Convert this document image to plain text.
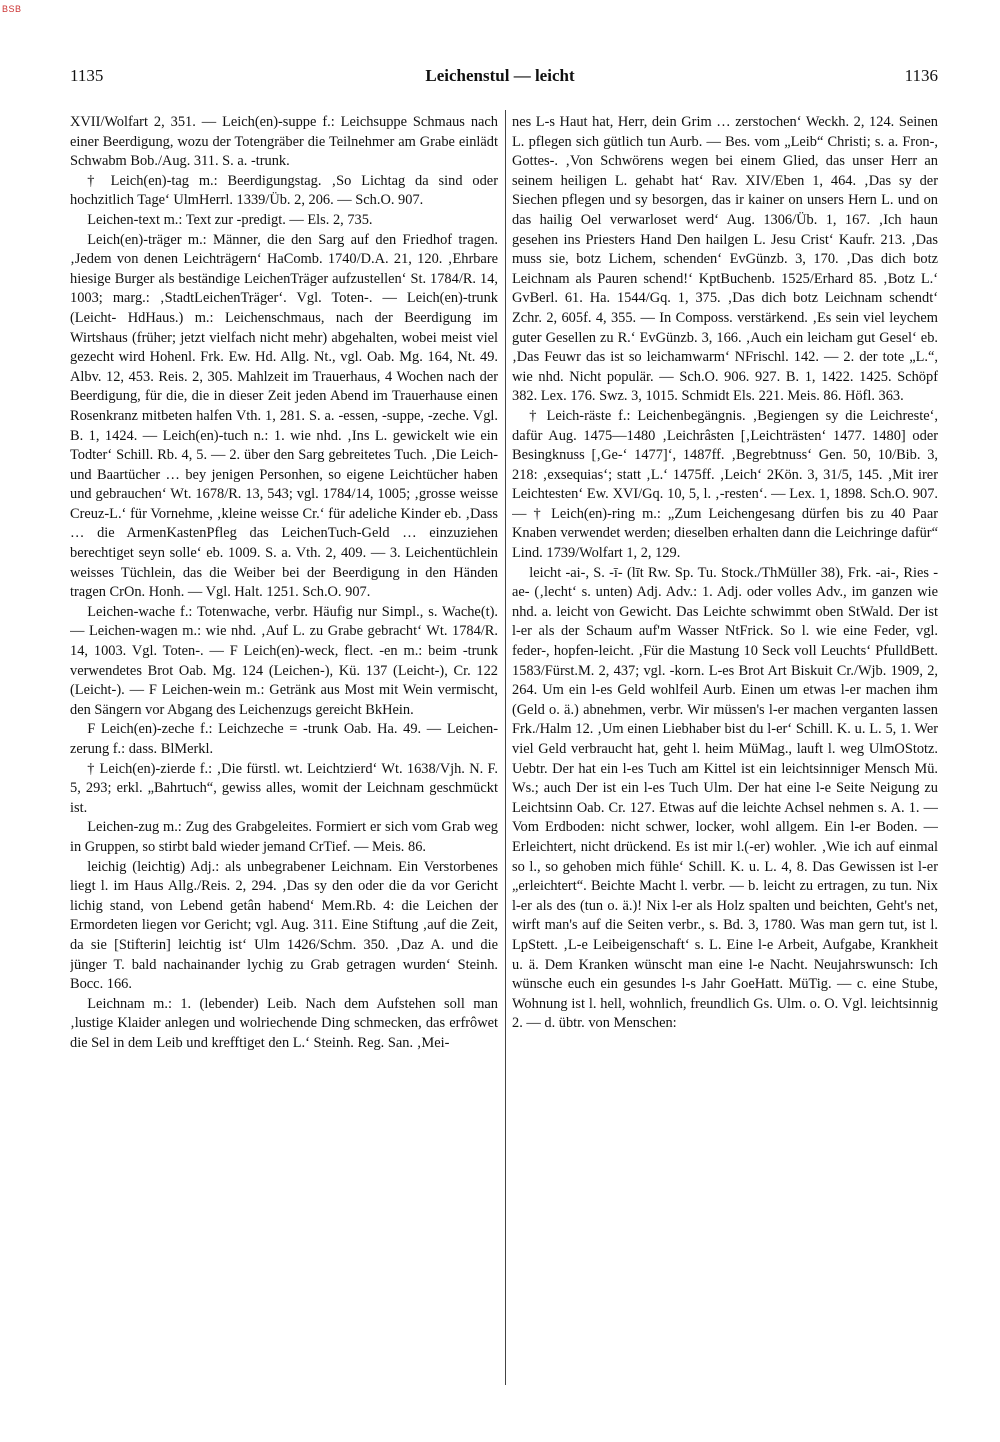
BSB
1135	Leichenstul — leicht	1136

XVII/Wolfart 2, 351. — Leich(en)-suppe f.: Leichsuppe Schmaus nach einer Beerdigung, wozu der Totengräber die Teilnehmer am Grabe einlädt Schwabm Bob./Aug. 311. S. a. -trunk.

† Leich(en)-tag m.: Beerdigungstag. ‚So Lichtag da sind oder hochzitlich Tage‘ UlmHerrl. 1339/Üb. 2, 206. — Sch.O. 907.

Leichen-text m.: Text zur -predigt. — Els. 2, 735.

Leich(en)-träger m.: Männer, die den Sarg auf den Friedhof tragen. ‚Jedem von denen Leichträgern‘ HaComb. 1740/D.A. 21, 120. ‚Ehrbare hiesige Burger als beständige LeichenTräger aufzustellen‘ St. 1784/R. 14, 1003; marg.: ‚StadtLeichenTräger‘. Vgl. Toten-. — Leich(en)-trunk (Leicht- HdHaus.) m.: Leichenschmaus, nach der Beerdigung im Wirtshaus (früher; jetzt vielfach nicht mehr) abgehalten, wobei meist viel gezecht wird Hohenl. Frk. Ew. Hd. Allg. Nt., vgl. Oab. Mg. 164, Nt. 49. Albv. 12, 453. Reis. 2, 305. Mahlzeit im Trauerhaus, 4 Wochen nach der Beerdigung, für die, die in dieser Zeit jeden Abend im Trauerhause einen Rosenkranz mitbeten halfen Vth. 1, 281. S. a. -essen, -suppe, -zeche. Vgl. B. 1, 1424. — Leich(en)-tuch n.: 1. wie nhd. ‚Ins L. gewickelt wie ein Todter‘ Schill. Rb. 4, 5. — 2. über den Sarg gebreitetes Tuch. ‚Die Leich- und Baartücher … bey jenigen Personhen, so eigene Leichtücher haben und gebrauchen‘ Wt. 1678/R. 13, 543; vgl. 1784/14, 1005; ‚grosse weisse Creuz-L.‘ für Vornehme, ‚kleine weisse Cr.‘ für adeliche Kinder eb. ‚Dass … die ArmenKastenPfleg das LeichenTuch-Geld … einzuziehen berechtiget seyn solle‘ eb. 1009. S. a. Vth. 2, 409. — 3. Leichentüchlein weisses Tüchlein, das die Weiber bei der Beerdigung in den Händen tragen CrOn. Honh. — Vgl. Halt. 1251. Sch.O. 907.

Leichen-wache f.: Totenwache, verbr. Häufig nur Simpl., s. Wache(t). — Leichen-wagen m.: wie nhd. ‚Auf L. zu Grabe gebracht‘ Wt. 1784/R. 14, 1003. Vgl. Toten-. — F Leich(en)-weck, flect. -en m.: beim -trunk verwendetes Brot Oab. Mg. 124 (Leichen-), Kü. 137 (Leicht-), Cr. 122 (Leicht-). — F Leichen-wein m.: Getränk aus Most mit Wein vermischt, den Sängern vor Abgang des Leichenzugs gereicht BkHein.

F Leich(en)-zeche f.: Leichzeche = -trunk Oab. Ha. 49. — Leichen-zerung f.: dass. BlMerkl.

† Leich(en)-zierde f.: ‚Die fürstl. wt. Leichtzierd‘ Wt. 1638/Vjh. N. F. 5, 293; erkl. „Bahrtuch“, gewiss alles, womit der Leichnam geschmückt ist.

Leichen-zug m.: Zug des Grabgeleites. Formiert er sich vom Grab weg in Gruppen, so stirbt bald wieder jemand CrTief. — Meis. 86.

leichig (leichtig) Adj.: als unbegrabener Leichnam. Ein Verstorbenes liegt l. im Haus Allg./Reis. 2, 294. ‚Das sy den oder die da vor Gericht lichig stand, von Lebend getân habend‘ Mem.Rb. 4: die Leichen der Ermordeten liegen vor Gericht; vgl. Aug. 311. Eine Stiftung ‚auf die Zeit, da sie [Stifterin] leichtig ist‘ Ulm 1426/Schm. 350. ‚Daz A. und die jünger T. bald nachainander lychig zu Grab getragen wurden‘ Steinh. Bocc. 166.

Leichnam m.: 1. (lebender) Leib. Nach dem Aufstehen soll man ‚lustige Klaider anlegen und wolriechende Ding schmecken, das erfrôwet die Sel in dem Leib und krefftiget den L.‘ Steinh. Reg. San. ‚Mei-

nes L-s Haut hat, Herr, dein Grim … zerstochen‘ Weckh. 2, 124. Seinen L. pflegen sich gütlich tun Aurb. — Bes. vom „Leib“ Christi; s. a. Fron-, Gottes-. ‚Von Schwörens wegen bei einem Glied, das unser Herr an seinem heiligen L. gehabt hat‘ Rav. XIV/Eben 1, 464. ‚Das sy der Siechen pflegen und sy besorgen, das ir kainer on unsers Hern L. und on das hailig Oel verwarloset werd‘ Aug. 1306/Üb. 1, 167. ‚Ich haun gesehen ins Priesters Hand Den hailgen L. Jesu Crist‘ Kaufr. 213. ‚Das muss sie, botz Lichem, schenden‘ EvGünzb. 3, 170. ‚Das dich botz Leichnam als Pauren schend!‘ KptBuchenb. 1525/Erhard 85. ‚Botz L.‘ GvBerl. 61. Ha. 1544/Gq. 1, 375. ‚Das dich botz Leichnam schendt‘ Zchr. 2, 605f. 4, 355. — In Composs. verstärkend. ‚Es sein viel leychem guter Gesellen zu R.‘ EvGünzb. 3, 166. ‚Auch ein leicham gut Gesel‘ eb. ‚Das Feuwr das ist so leichamwarm‘ NFrischl. 142. — 2. der tote „L.“, wie nhd. Nicht populär. — Sch.O. 906. 927. B. 1, 1422. 1425. Schöpf 382. Lex. 176. Swz. 3, 1015. Schmidt Els. 221. Meis. 86. Höfl. 363.

† Leich-räste f.: Leichenbegängnis. ‚Begiengen sy die Leichreste‘, dafür Aug. 1475—1480 ‚Leichrâsten [‚Leichträsten‘ 1477. 1480] oder Besingknuss [‚Ge-‘ 1477]‘, 1487ff. ‚Begrebtnuss‘ Gen. 50, 10/Bib. 3, 218: ‚exsequias‘; statt ‚L.‘ 1475ff. ‚Leich‘ 2Kön. 3, 31/5, 145. ‚Mit irer Leichtesten‘ Ew. XVI/Gq. 10, 5, l. ‚-resten‘. — Lex. 1, 1898. Sch.O. 907. — † Leich(en)-ring m.: „Zum Leichengesang dürfen bis zu 40 Paar Knaben verwendet werden; dieselben erhalten dann die Leichringe dafür“ Lind. 1739/Wolfart 1, 2, 129.

leicht -ai-, S. -ī- (līt Rw. Sp. Tu. Stock./ThMüller 38), Frk. -ai-, Ries -ae- (‚lecht‘ s. unten) Adj. Adv.: 1. Adj. oder volles Adv., im ganzen wie nhd. a. leicht von Gewicht. Das Leichte schwimmt oben StWald. Der ist l-er als der Schaum auf'm Wasser NtFrick. So l. wie eine Feder, vgl. feder-, hopfen-leicht. ‚Für die Mastung 10 Seck voll Leuchts‘ PfulldBett. 1583/Fürst.M. 2, 437; vgl. -korn. L-es Brot Art Biskuit Cr./Wjb. 1909, 2, 264. Um ein l-es Geld wohlfeil Aurb. Einen um etwas l-er machen ihm (Geld o. ä.) abnehmen, verbr. Wir müssen's l-er machen verganten lassen Frk./Halm 12. ‚Um einen Liebhaber bist du l-er‘ Schill. K. u. L. 5, 1. Wer viel Geld verbraucht hat, geht l. heim MüMag., lauft l. weg UlmOStotz. Uebtr. Der hat ein l-es Tuch am Kittel ist ein leichtsinniger Mensch Mü. Ws.; auch Der ist ein l-es Tuch Ulm. Der hat eine l-e Seite Neigung zu Leichtsinn Oab. Cr. 127. Etwas auf die leichte Achsel nehmen s. A. 1. — Vom Erdboden: nicht schwer, locker, wohl allgem. Ein l-er Boden. — Erleichtert, nicht drückend. Es ist mir l.(-er) wohler. ‚Wie ich auf einmal so l., so gehoben mich fühle‘ Schill. K. u. L. 4, 8. Das Gewissen ist l-er „erleichtert“. Beichte Macht l. verbr. — b. leicht zu ertragen, zu tun. Nix l-er als des (tun o. ä.)! Nix l-er als Holz spalten und beichten, Geht's net, wirft man's auf die Seiten verbr., s. Bd. 3, 1780. Was man gern tut, ist l. LpStett. ‚L-e Leibeigenschaft‘ s. L. Eine l-e Arbeit, Aufgabe, Krankheit u. ä. Dem Kranken wünscht man eine l-e Nacht. Neujahrswunsch: Ich wünsche euch ein gesundes l-s Jahr GoeHatt. MüTig. — c. eine Stube, Wohnung ist l. hell, wohnlich, freundlich Gs. Ulm. o. O. Vgl. leichtsinnig 2. — d. übtr. von Menschen:
